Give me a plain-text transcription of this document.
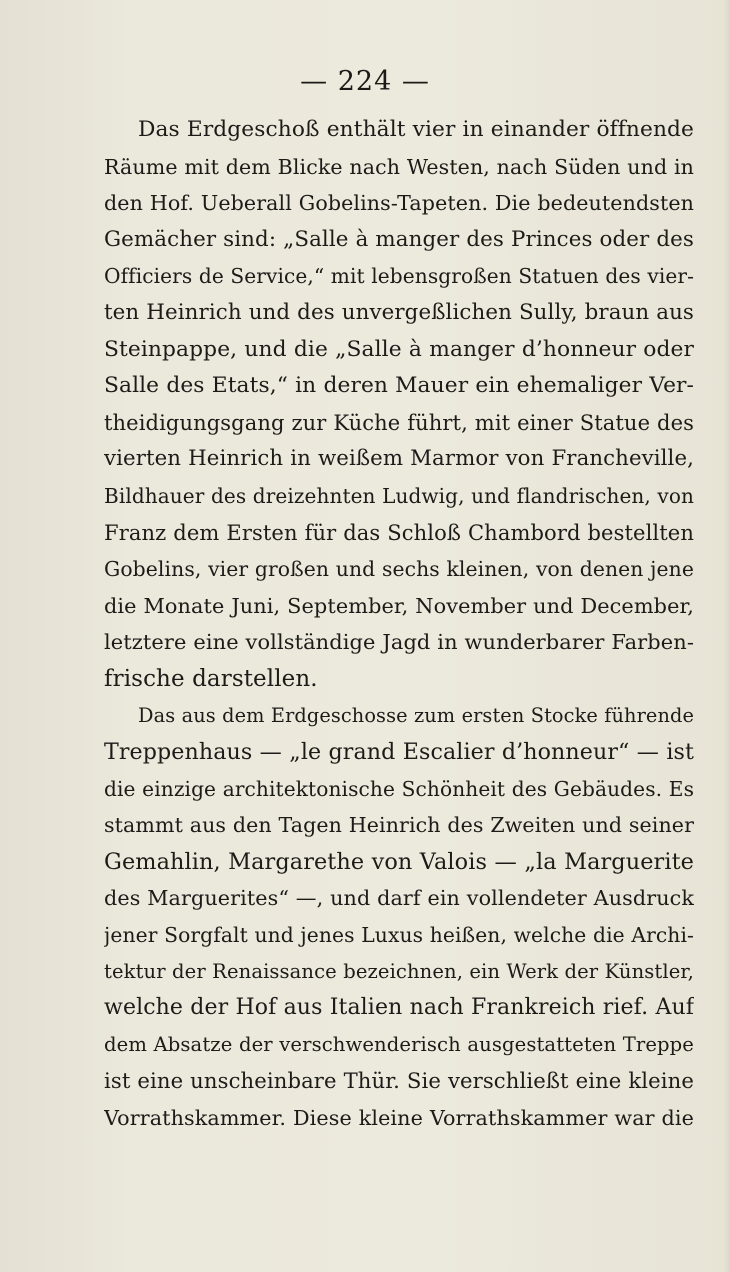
— 224 —
Das Erdgeschoß enthält vier in einander öffnende
Räume mit dem Blicke nach Westen, nach Süden und in
den Hof. Ueberall Gobelins-Tapeten. Die bedeutendsten
Gemächer sind: „Salle à manger des Princes oder des
Officiers de Service,“ mit lebensgroßen Statuen des vier-
ten Heinrich und des unvergeßlichen Sully, braun aus
Steinpappe, und die „Salle à manger d’honneur oder
Salle des Etats,“ in deren Mauer ein ehemaliger Ver-
theidigungsgang zur Küche führt, mit einer Statue des
vierten Heinrich in weißem Marmor von Francheville,
Bildhauer des dreizehnten Ludwig, und flandrischen, von
Franz dem Ersten für das Schloß Chambord bestellten
Gobelins, vier großen und sechs kleinen, von denen jene
die Monate Juni, September, November und December,
letztere eine vollständige Jagd in wunderbarer Farben-
frische darstellen.
Das aus dem Erdgeschosse zum ersten Stocke führende
Treppenhaus — „le grand Escalier d’honneur“ — ist
die einzige architektonische Schönheit des Gebäudes. Es
stammt aus den Tagen Heinrich des Zweiten und seiner
Gemahlin, Margarethe von Valois — „la Marguerite
des Marguerites“ —, und darf ein vollendeter Ausdruck
jener Sorgfalt und jenes Luxus heißen, welche die Archi-
tektur der Renaissance bezeichnen, ein Werk der Künstler,
welche der Hof aus Italien nach Frankreich rief. Auf
dem Absatze der verschwenderisch ausgestatteten Treppe
ist eine unscheinbare Thür. Sie verschließt eine kleine
Vorrathskammer. Diese kleine Vorrathskammer war die
